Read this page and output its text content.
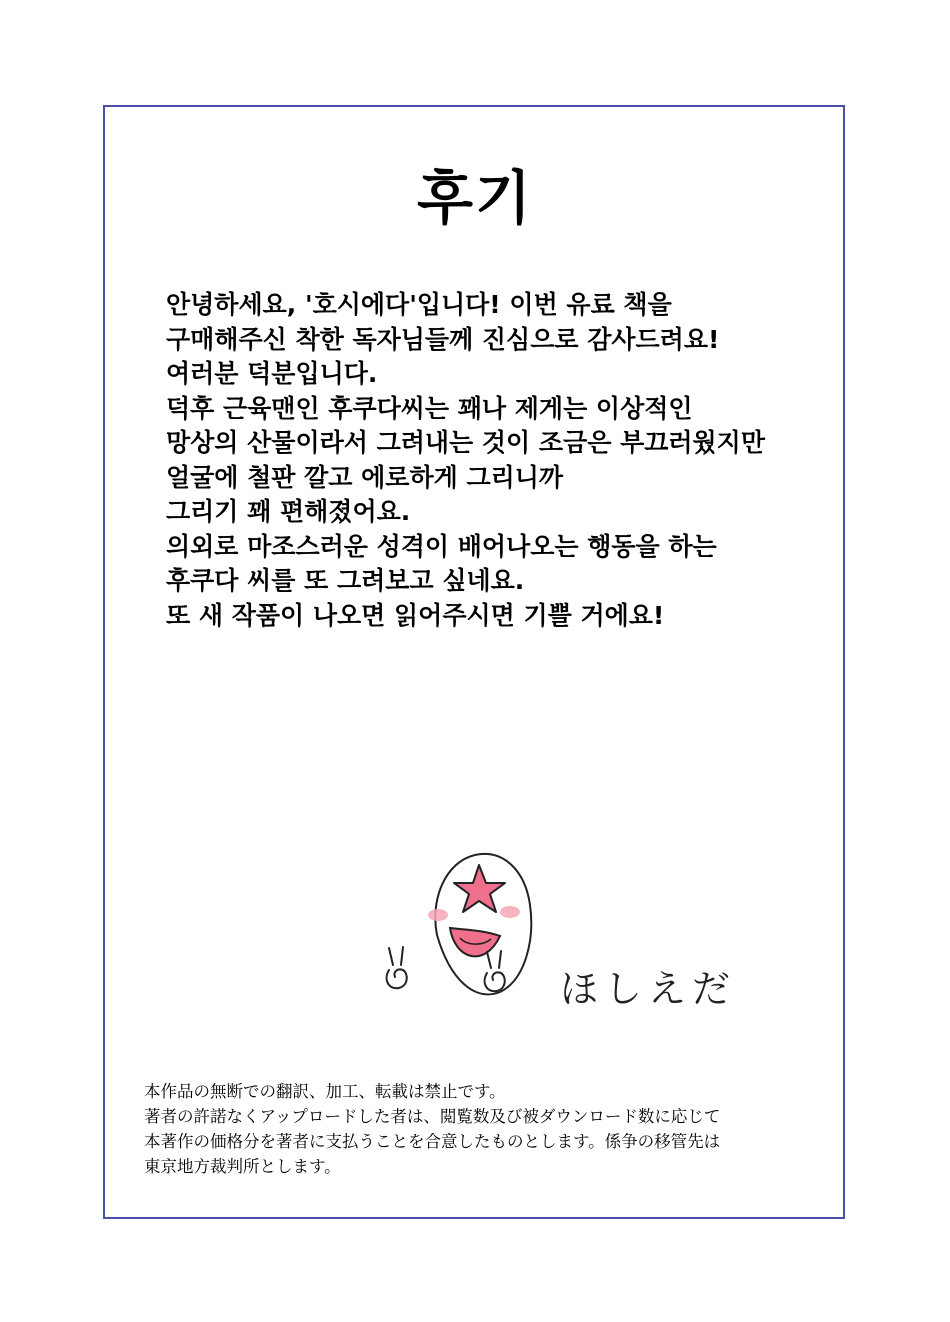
후기
안녕하세요, '호시에다'입니다! 이번 유료 책을
구매해주신 착한 독자님들께 진심으로 감사드려요!
여러분 덕분입니다.
덕후 근육맨인 후쿠다씨는 꽤나 제게는 이상적인
망상의 산물이라서 그려내는 것이 조금은 부끄러웠지만
얼굴에 철판 깔고 에로하게 그리니까
그리기 꽤 편해졌어요.
의외로 마조스러운 성격이 배어나오는 행동을 하는
후쿠다 씨를 또 그려보고 싶네요.
또 새 작품이 나오면 읽어주시면 기쁠 거에요!
ほしえだ
本作品の無断での翻訳、加工、転載は禁止です。
著者の許諾なくアップロードした者は、閲覧数及び被ダウンロード数に応じて
本著作の価格分を著者に支払うことを合意したものとします。係争の移管先は
東京地方裁判所とします。
